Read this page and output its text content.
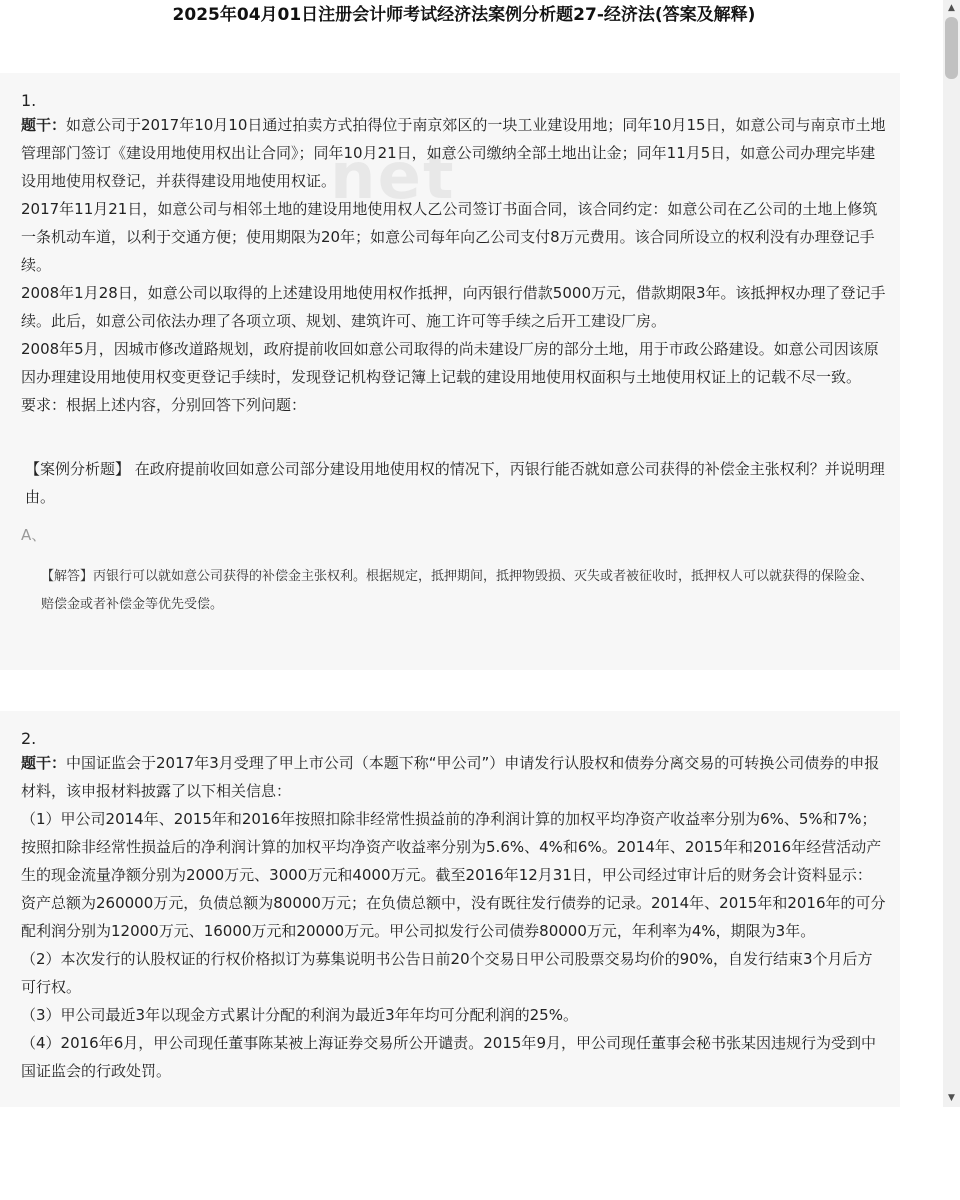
2025年04月01日注册会计师考试经济法案例分析题27-经济法(答案及解释)
1.

题干：如意公司于2017年10月10日通过拍卖方式拍得位于南京郊区的一块工业建设用地；同年10月15日，如意公司与南京市土地管理部门签订《建设用地使用权出让合同》；同年10月21日，如意公司缴纳全部土地出让金；同年11月5日，如意公司办理完毕建设用地使用权登记，并获得建设用地使用权证。

2017年11月21日，如意公司与相邻土地的建设用地使用权人乙公司签订书面合同，该合同约定：如意公司在乙公司的土地上修筑一条机动车道，以利于交通方便；使用期限为20年；如意公司每年向乙公司支付8万元费用。该合同所设立的权利没有办理登记手续。

2008年1月28日，如意公司以取得的上述建设用地使用权作抵押，向丙银行借款5000万元，借款期限3年。该抵押权办理了登记手续。此后，如意公司依法办理了各项立项、规划、建筑许可、施工许可等手续之后开工建设厂房。

2008年5月，因城市修改道路规划，政府提前收回如意公司取得的尚未建设厂房的部分土地，用于市政公路建设。如意公司因该原因办理建设用地使用权变更登记手续时，发现登记机构登记簿上记载的建设用地使用权面积与土地使用权证上的记载不尽一致。

要求：根据上述内容，分别回答下列问题：

【案例分析题】 在政府提前收回如意公司部分建设用地使用权的情况下，丙银行能否就如意公司获得的补偿金主张权利？并说明理由。

A、

【解答】丙银行可以就如意公司获得的补偿金主张权利。根据规定，抵押期间，抵押物毁损、灭失或者被征收时，抵押权人可以就获得的保险金、赔偿金或者补偿金等优先受偿。

2.

题干：中国证监会于2017年3月受理了甲上市公司（本题下称“甲公司”）申请发行认股权和债券分离交易的可转换公司债券的申报材料，该申报材料披露了以下相关信息：

（1）甲公司2014年、2015年和2016年按照扣除非经常性损益前的净利润计算的加权平均净资产收益率分别为6%、5%和7%；按照扣除非经常性损益后的净利润计算的加权平均净资产收益率分别为5.6%、4%和6%。2014年、2015年和2016年经营活动产生的现金流量净额分别为2000万元、3000万元和4000万元。截至2016年12月31日，甲公司经过审计后的财务会计资料显示：资产总额为260000万元，负债总额为80000万元；在负债总额中，没有既往发行债券的记录。2014年、2015年和2016年的可分配利润分别为12000万元、16000万元和20000万元。甲公司拟发行公司债券80000万元，年利率为4%，期限为3年。

（2）本次发行的认股权证的行权价格拟订为募集说明书公告日前20个交易日甲公司股票交易均价的90%，自发行结束3个月后方可行权。

（3）甲公司最近3年以现金方式累计分配的利润为最近3年年均可分配利润的25%。

（4）2016年6月，甲公司现任董事陈某被上海证券交易所公开谴责。2015年9月，甲公司现任董事会秘书张某因违规行为受到中国证监会的行政处罚。

▲
▼
